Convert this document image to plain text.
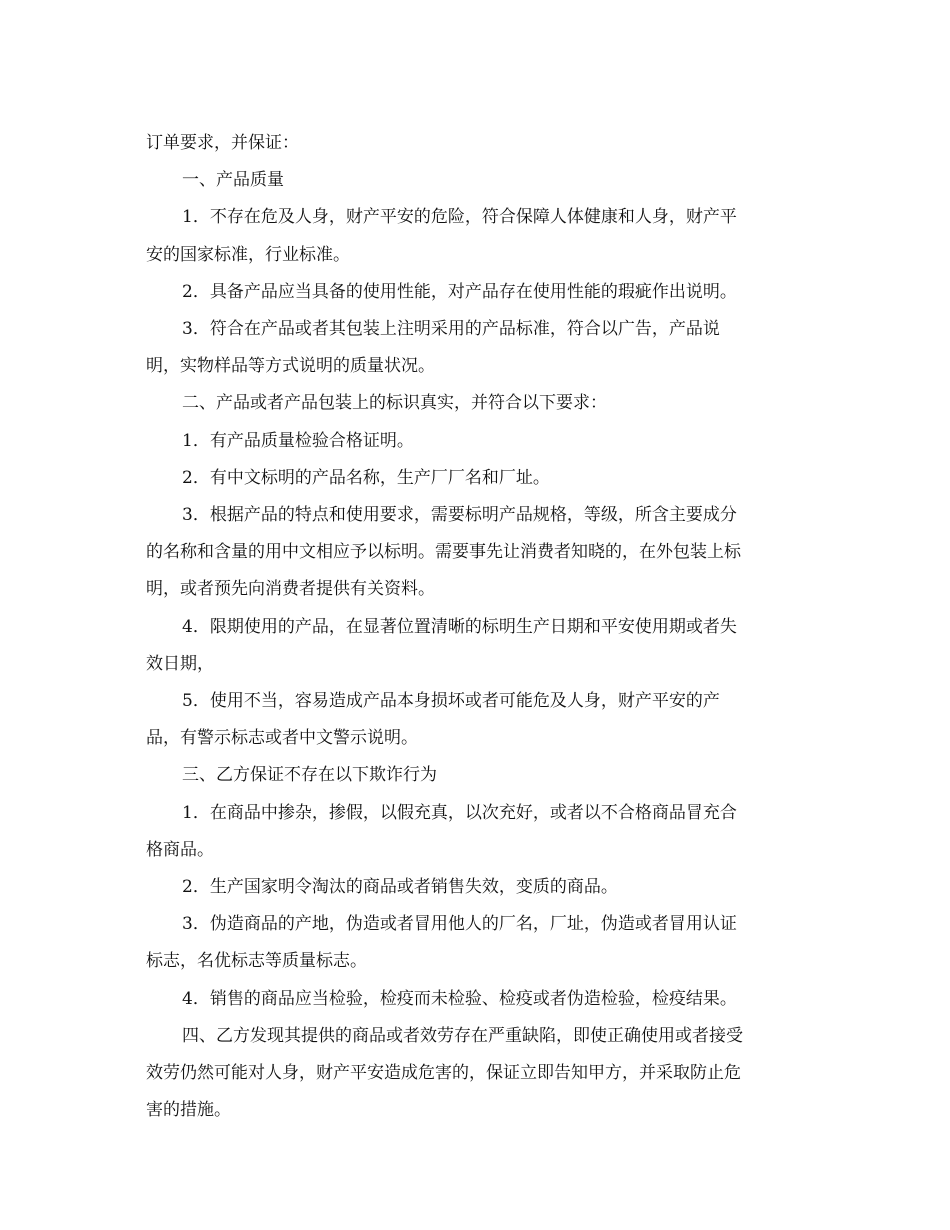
订单要求，并保证：
一、产品质量
1．不存在危及人身，财产平安的危险，符合保障人体健康和人身，财产平
安的国家标准，行业标准。
2．具备产品应当具备的使用性能，对产品存在使用性能的瑕疵作出说明。
3．符合在产品或者其包装上注明采用的产品标准，符合以广告，产品说
明，实物样品等方式说明的质量状况。
二、产品或者产品包装上的标识真实，并符合以下要求：
1．有产品质量检验合格证明。
2．有中文标明的产品名称，生产厂厂名和厂址。
3．根据产品的特点和使用要求，需要标明产品规格，等级，所含主要成分
的名称和含量的用中文相应予以标明。需要事先让消费者知晓的，在外包装上标
明，或者预先向消费者提供有关资料。
4．限期使用的产品，在显著位置清晰的标明生产日期和平安使用期或者失
效日期，
5．使用不当，容易造成产品本身损坏或者可能危及人身，财产平安的产
品，有警示标志或者中文警示说明。
三、乙方保证不存在以下欺诈行为
1．在商品中掺杂，掺假，以假充真，以次充好，或者以不合格商品冒充合
格商品。
2．生产国家明令淘汰的商品或者销售失效，变质的商品。
3．伪造商品的产地，伪造或者冒用他人的厂名，厂址，伪造或者冒用认证
标志，名优标志等质量标志。
4．销售的商品应当检验，检疫而未检验、检疫或者伪造检验，检疫结果。
四、乙方发现其提供的商品或者效劳存在严重缺陷，即使正确使用或者接受
效劳仍然可能对人身，财产平安造成危害的，保证立即告知甲方，并采取防止危
害的措施。
